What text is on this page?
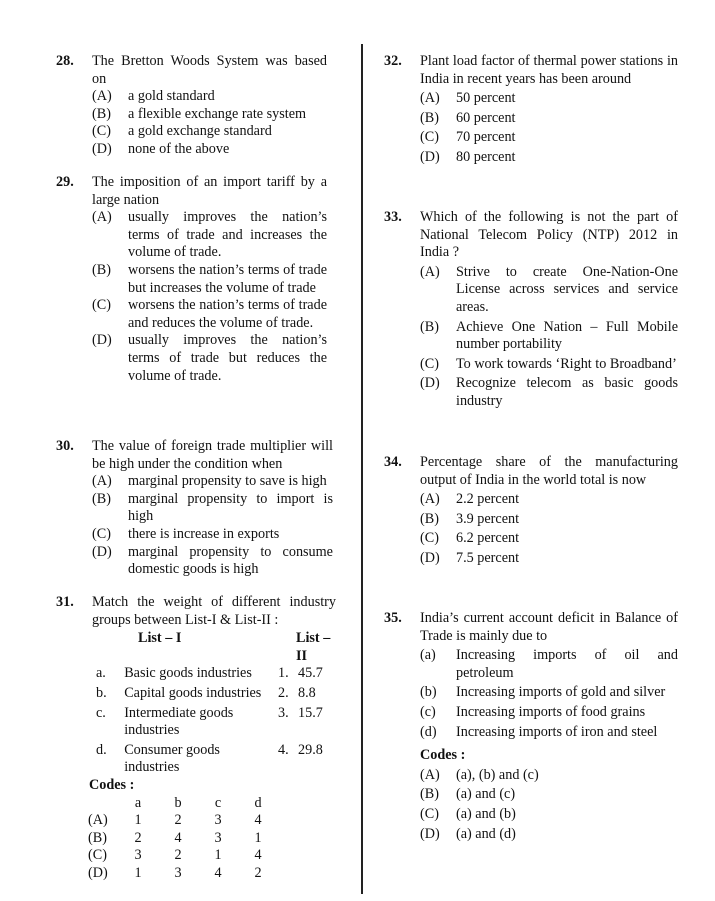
28. The Bretton Woods System was based on
(A) a gold standard
(B) a flexible exchange rate system
(C) a gold exchange standard
(D) none of the above
29. The imposition of an import tariff by a large nation
(A) usually improves the nation’s terms of trade and increases the volume of trade.
(B) worsens the nation’s terms of trade but increases the volume of trade
(C) worsens the nation’s terms of trade and reduces the volume of trade.
(D) usually improves the nation’s terms of trade but reduces the volume of trade.
30. The value of foreign trade multiplier will be high under the condition when
(A) marginal propensity to save is high
(B) marginal propensity to import is high
(C) there is increase in exports
(D) marginal propensity to consume domestic goods is high
31. Match the weight of different industry groups between List-I & List-II :
List – I		List – II	
a.	Basic goods industries	1.	45.7
b.	Capital goods industries	2.	8.8
c.	Intermediate goods industries	3.	15.7
d.	Consumer goods industries	4.	29.8
Codes :
	a	b	c	d
(A)	1	2	3	4
(B)	2	4	3	1
(C)	3	2	1	4
(D)	1	3	4	2
32. Plant load factor of thermal power stations in India in recent years has been around
(A) 50 percent
(B) 60 percent
(C) 70 percent
(D) 80 percent
33. Which of the following is not the part of National Telecom Policy (NTP) 2012 in India ?
(A) Strive to create One-Nation-One License across services and service areas.
(B) Achieve One Nation – Full Mobile number portability
(C) To work towards ‘Right to Broadband’
(D) Recognize telecom as basic goods industry
34. Percentage share of the manufacturing output of India in the world total is now
(A) 2.2 percent
(B) 3.9 percent
(C) 6.2 percent
(D) 7.5 percent
35. India’s current account deficit in Balance of Trade is mainly due to
(a) Increasing imports of oil and petroleum
(b) Increasing imports of gold and silver
(c) Increasing imports of food grains
(d) Increasing imports of iron and steel
Codes :
(A) (a), (b) and (c)
(B) (a) and (c)
(C) (a) and (b)
(D) (a) and (d)
